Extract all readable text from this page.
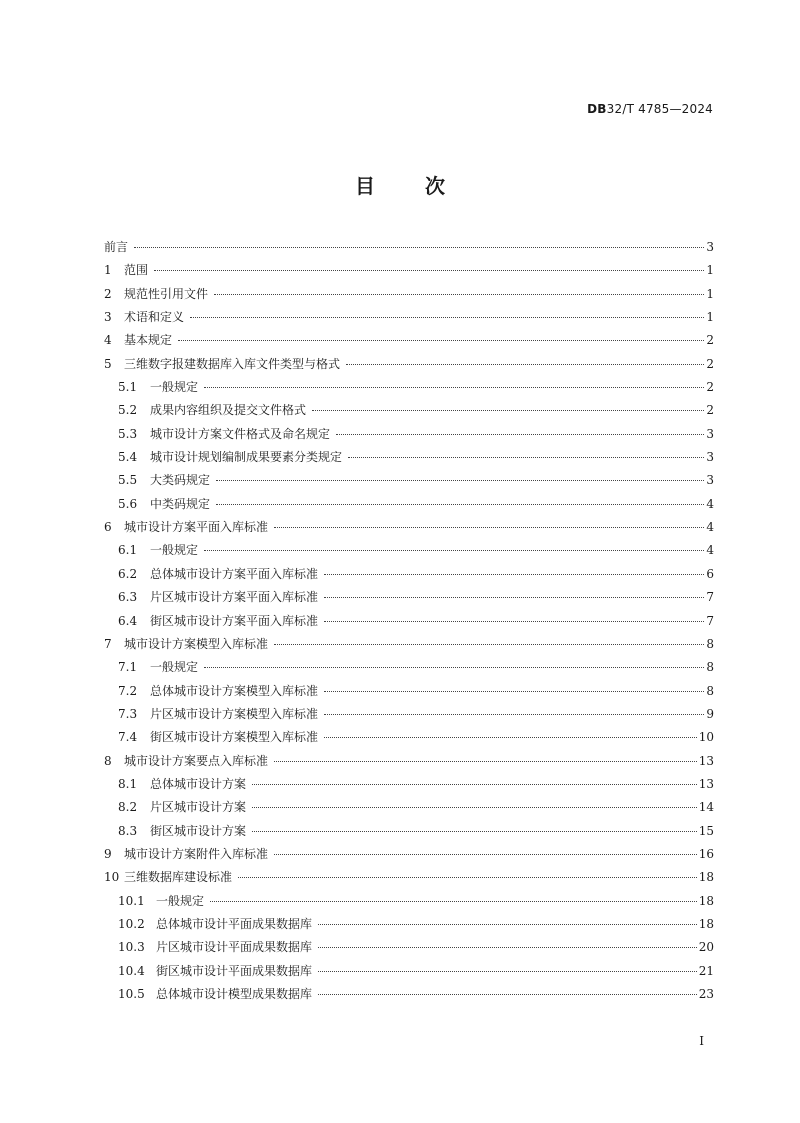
DB32/T 4785—2024
目	次
前言	3
1	范围	1
2	规范性引用文件	1
3	术语和定义	1
4	基本规定	2
5	三维数字报建数据库入库文件类型与格式	2
5.1	一般规定	2
5.2	成果内容组织及提交文件格式	2
5.3	城市设计方案文件格式及命名规定	3
5.4	城市设计规划编制成果要素分类规定	3
5.5	大类码规定	3
5.6	中类码规定	4
6	城市设计方案平面入库标准	4
6.1	一般规定	4
6.2	总体城市设计方案平面入库标准	6
6.3	片区城市设计方案平面入库标准	7
6.4	街区城市设计方案平面入库标准	7
7	城市设计方案模型入库标准	8
7.1	一般规定	8
7.2	总体城市设计方案模型入库标准	8
7.3	片区城市设计方案模型入库标准	9
7.4	街区城市设计方案模型入库标准	10
8	城市设计方案要点入库标准	13
8.1	总体城市设计方案	13
8.2	片区城市设计方案	14
8.3	街区城市设计方案	15
9	城市设计方案附件入库标准	16
10 三维数据库建设标准	18
10.1 一般规定	18
10.2 总体城市设计平面成果数据库	18
10.3 片区城市设计平面成果数据库	20
10.4 街区城市设计平面成果数据库	21
10.5 总体城市设计模型成果数据库	23
I
